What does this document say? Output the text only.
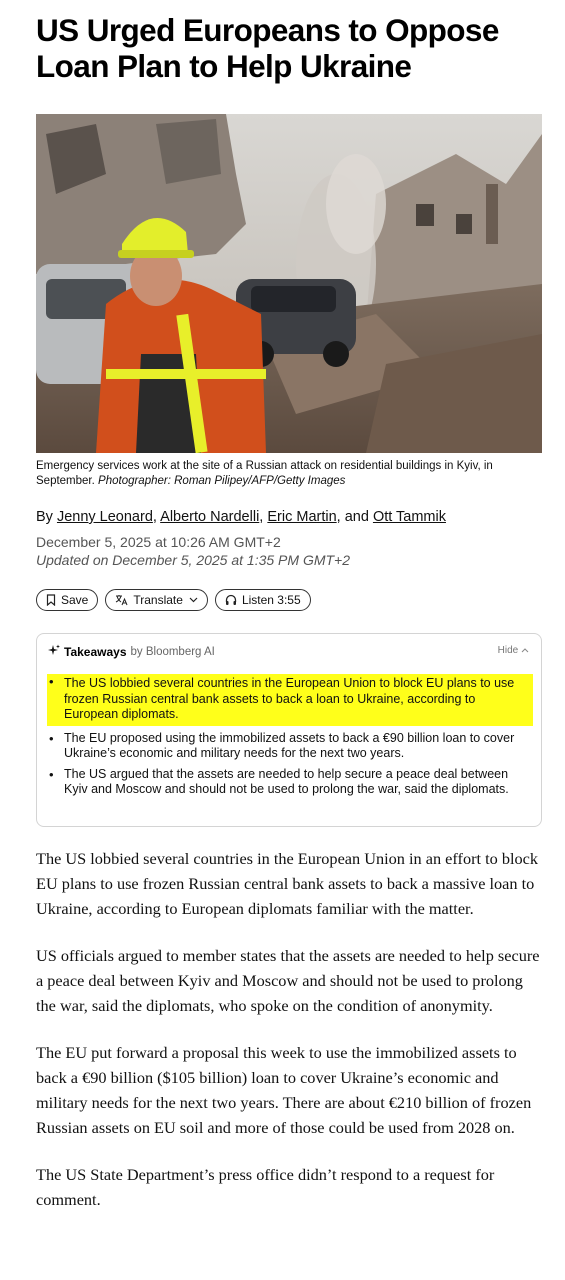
US Urged Europeans to Oppose Loan Plan to Help Ukraine
Emergency services work at the site of a Russian attack on residential buildings in Kyiv, in September. Photographer: Roman Pilipey/AFP/Getty Images
By Jenny Leonard, Alberto Nardelli, Eric Martin, and Ott Tammik
December 5, 2025 at 10:26 AM GMT+2
Updated on December 5, 2025 at 1:35 PM GMT+2
Save	Translate	Listen 3:55
Takeaways by Bloomberg AI	Hide
• The US lobbied several countries in the European Union to block EU plans to use frozen Russian central bank assets to back a loan to Ukraine, according to European diplomats.
• The EU proposed using the immobilized assets to back a €90 billion loan to cover Ukraine’s economic and military needs for the next two years.
• The US argued that the assets are needed to help secure a peace deal between Kyiv and Moscow and should not be used to prolong the war, said the diplomats.

The US lobbied several countries in the European Union in an effort to block EU plans to use frozen Russian central bank assets to back a massive loan to Ukraine, according to European diplomats familiar with the matter.

US officials argued to member states that the assets are needed to help secure a peace deal between Kyiv and Moscow and should not be used to prolong the war, said the diplomats, who spoke on the condition of anonymity.

The EU put forward a proposal this week to use the immobilized assets to back a €90 billion ($105 billion) loan to cover Ukraine’s economic and military needs for the next two years. There are about €210 billion of frozen Russian assets on EU soil and more of those could be used from 2028 on.

The US State Department’s press office didn’t respond to a request for comment.
